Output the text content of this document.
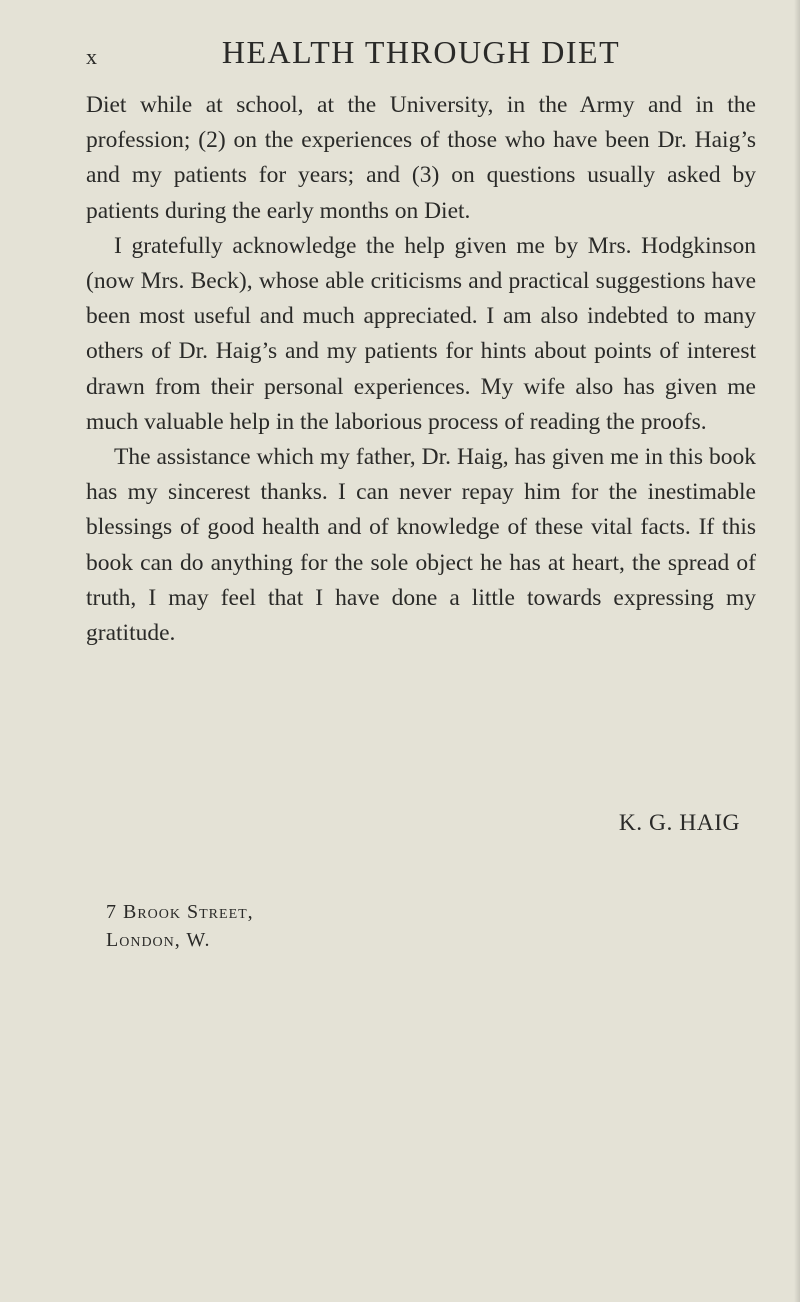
x	HEALTH THROUGH DIET

Diet while at school, at the University, in the Army and in the profession; (2) on the experiences of those who have been Dr. Haig’s and my patients for years; and (3) on questions usually asked by patients during the early months on Diet.

I gratefully acknowledge the help given me by Mrs. Hodgkinson (now Mrs. Beck), whose able criticisms and practical suggestions have been most useful and much appreciated. I am also indebted to many others of Dr. Haig’s and my patients for hints about points of interest drawn from their personal experiences. My wife also has given me much valuable help in the laborious process of reading the proofs.

The assistance which my father, Dr. Haig, has given me in this book has my sincerest thanks. I can never repay him for the inestimable blessings of good health and of knowledge of these vital facts. If this book can do anything for the sole object he has at heart, the spread of truth, I may feel that I have done a little towards expressing my gratitude.

K. G. HAIG
7 Brook Street,
London, W.
